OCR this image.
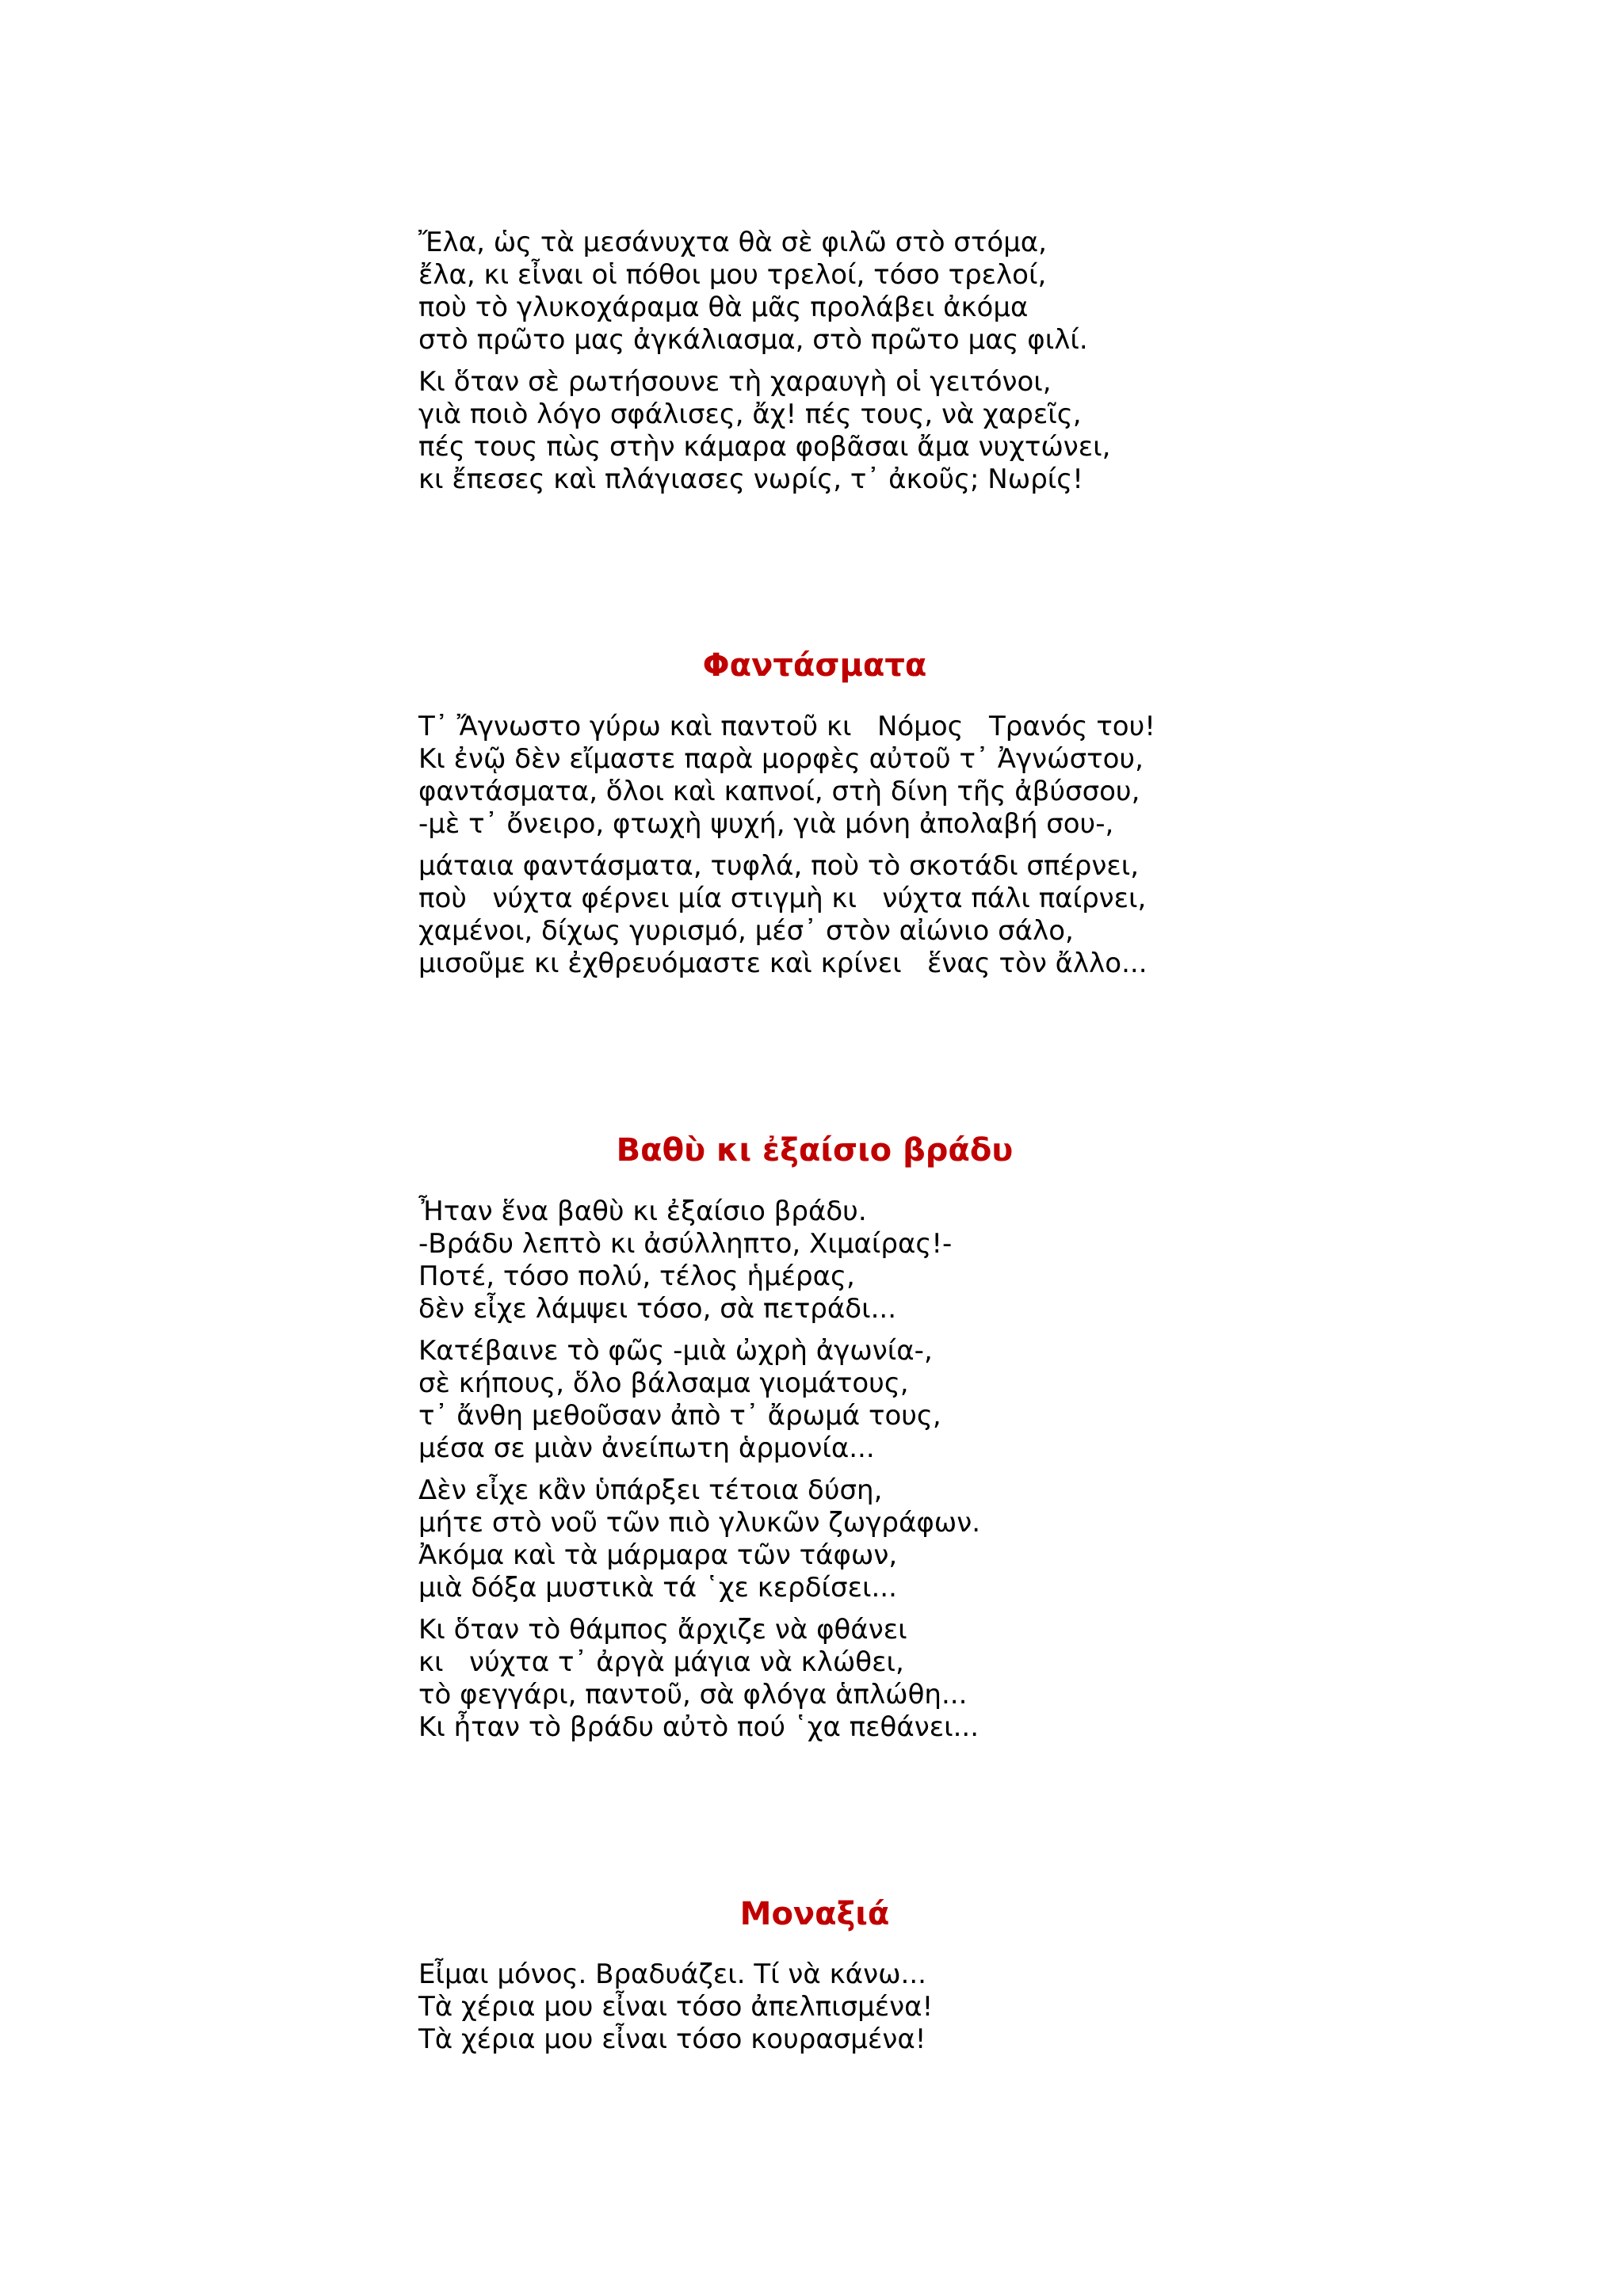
Ἔλα, ὡς τὰ μεσάνυχτα θὰ σὲ φιλῶ στὸ στόμα,
ἔλα, κι εἶναι οἱ πόθοι μου τρελοί, τόσο τρελοί,
ποὺ τὸ γλυκοχάραμα θὰ μᾶς προλάβει ἀκόμα
στὸ πρῶτο μας ἀγκάλιασμα, στὸ πρῶτο μας φιλί.
Κι ὅταν σὲ ρωτήσουνε τὴ χαραυγὴ οἱ γειτόνοι,
γιὰ ποιὸ λόγο σφάλισες, ἄχ! πές τους, νὰ χαρεῖς,
πές τους πὼς στὴν κάμαρα φοβᾶσαι ἄμα νυχτώνει,
κι ἔπεσες καὶ πλάγιασες νωρίς, τ᾽ ἀκοῦς; Νωρίς!
Φαντάσματα
Τ᾽ Ἄγνωστο γύρω καὶ παντοῦ κι   Νόμος   Τρανός του!
Κι ἐνῷ δὲν εἴμαστε παρὰ μορφὲς αὐτοῦ τ᾽ Ἀγνώστου,
φαντάσματα, ὅλοι καὶ καπνοί, στὴ δίνη τῆς ἀβύσσου,
-μὲ τ᾽ ὄνειρο, φτωχὴ ψυχή, γιὰ μόνη ἀπολαβή σου-,
μάταια φαντάσματα, τυφλά, ποὺ τὸ σκοτάδι σπέρνει,
ποὺ   νύχτα φέρνει μία στιγμὴ κι   νύχτα πάλι παίρνει,
χαμένοι, δίχως γυρισμό, μέσ᾽ στὸν αἰώνιο σάλο,
μισοῦμε κι ἐχθρευόμαστε καὶ κρίνει   ἕνας τὸν ἄλλο...
Βαθὺ κι ἐξαίσιο βράδυ
Ἦταν ἕνα βαθὺ κι ἐξαίσιο βράδυ.
-Βράδυ λεπτὸ κι ἀσύλληπτο, Χιμαίρας!-
Ποτέ, τόσο πολύ, τέλος ἡμέρας,
δὲν εἶχε λάμψει τόσο, σὰ πετράδι...
Κατέβαινε τὸ φῶς -μιὰ ὠχρὴ ἀγωνία-,
σὲ κήπους, ὅλο βάλσαμα γιομάτους,
τ᾽ ἄνθη μεθοῦσαν ἀπὸ τ᾽ ἄρωμά τους,
μέσα σε μιὰν ἀνείπωτη ἁρμονία...
Δὲν εἶχε κἂν ὑπάρξει τέτοια δύση,
μήτε στὸ νοῦ τῶν πιὸ γλυκῶν ζωγράφων.
Ἀκόμα καὶ τὰ μάρμαρα τῶν τάφων,
μιὰ δόξα μυστικὰ τά ῾χε κερδίσει...
Κι ὅταν τὸ θάμπος ἄρχιζε νὰ φθάνει
κι   νύχτα τ᾽ ἀργὰ μάγια νὰ κλώθει,
τὸ φεγγάρι, παντοῦ, σὰ φλόγα ἁπλώθη...
Κι ἦταν τὸ βράδυ αὐτὸ πού ῾χα πεθάνει...
Μοναξιά
Εἶμαι μόνος. Βραδυάζει. Τί νὰ κάνω...
Τὰ χέρια μου εἶναι τόσο ἀπελπισμένα!
Τὰ χέρια μου εἶναι τόσο κουρασμένα!
